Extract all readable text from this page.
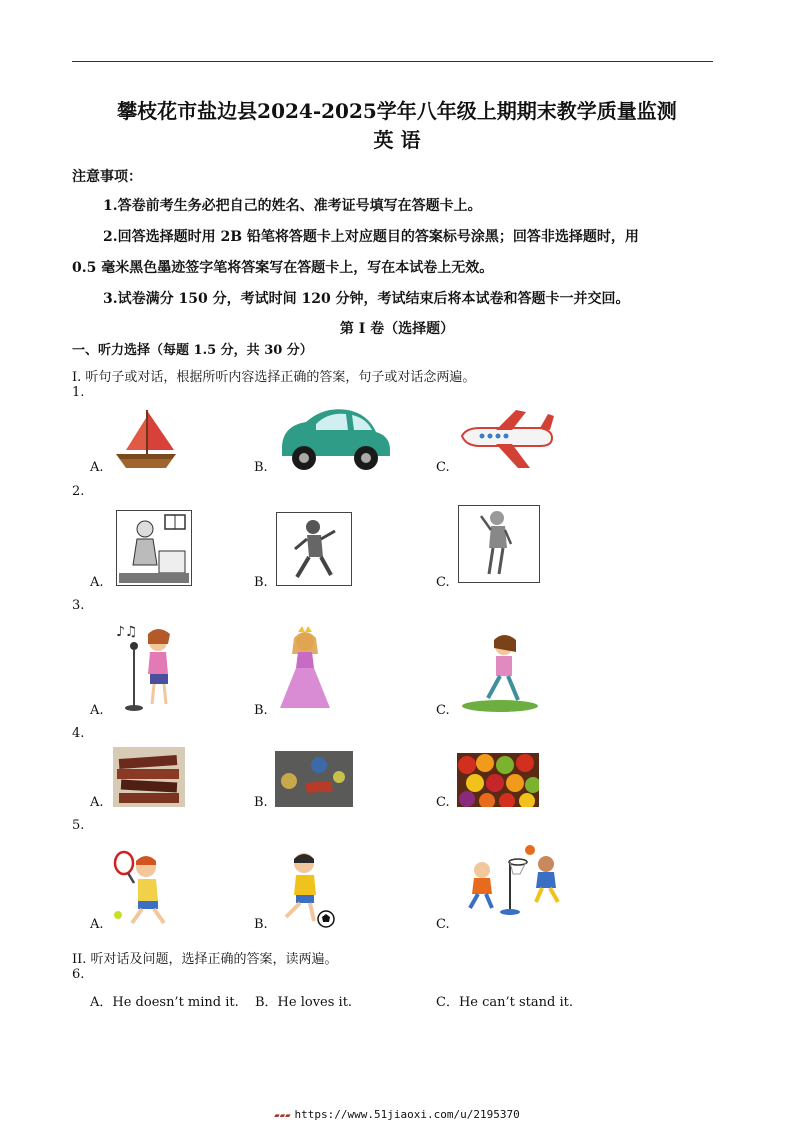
攀枝花市盐边县2024-2025学年八年级上期期末教学质量监测
英 语
注意事项：
1.答卷前考生务必把自己的姓名、准考证号填写在答题卡上。
2.回答选择题时用 2B 铅笔将答题卡上对应题目的答案标号涂黑；回答非选择题时，用
0.5 毫米黑色墨迹签字笔将答案写在答题卡上，写在本试卷上无效。
3.试卷满分 150 分，考试时间 120 分钟，考试结束后将本试卷和答题卡一并交回。
第 I 卷（选择题）
一、听力选择（每题 1.5 分，共 30 分）
I. 听句子或对话，根据所听内容选择正确的答案，句子或对话念两遍。
1.
A.	B.	C.
2.
A.	B.	C.
3.
A.	B.	C.
♪♫
4.
A.	B.	C.
5.
A.	B.	C.
II. 听对话及问题，选择正确的答案，读两遍。
6.
A．He doesn’t mind it. B．He loves it.	C．He can’t stand it.
▰▰▰ https://www.51jiaoxi.com/u/2195370
